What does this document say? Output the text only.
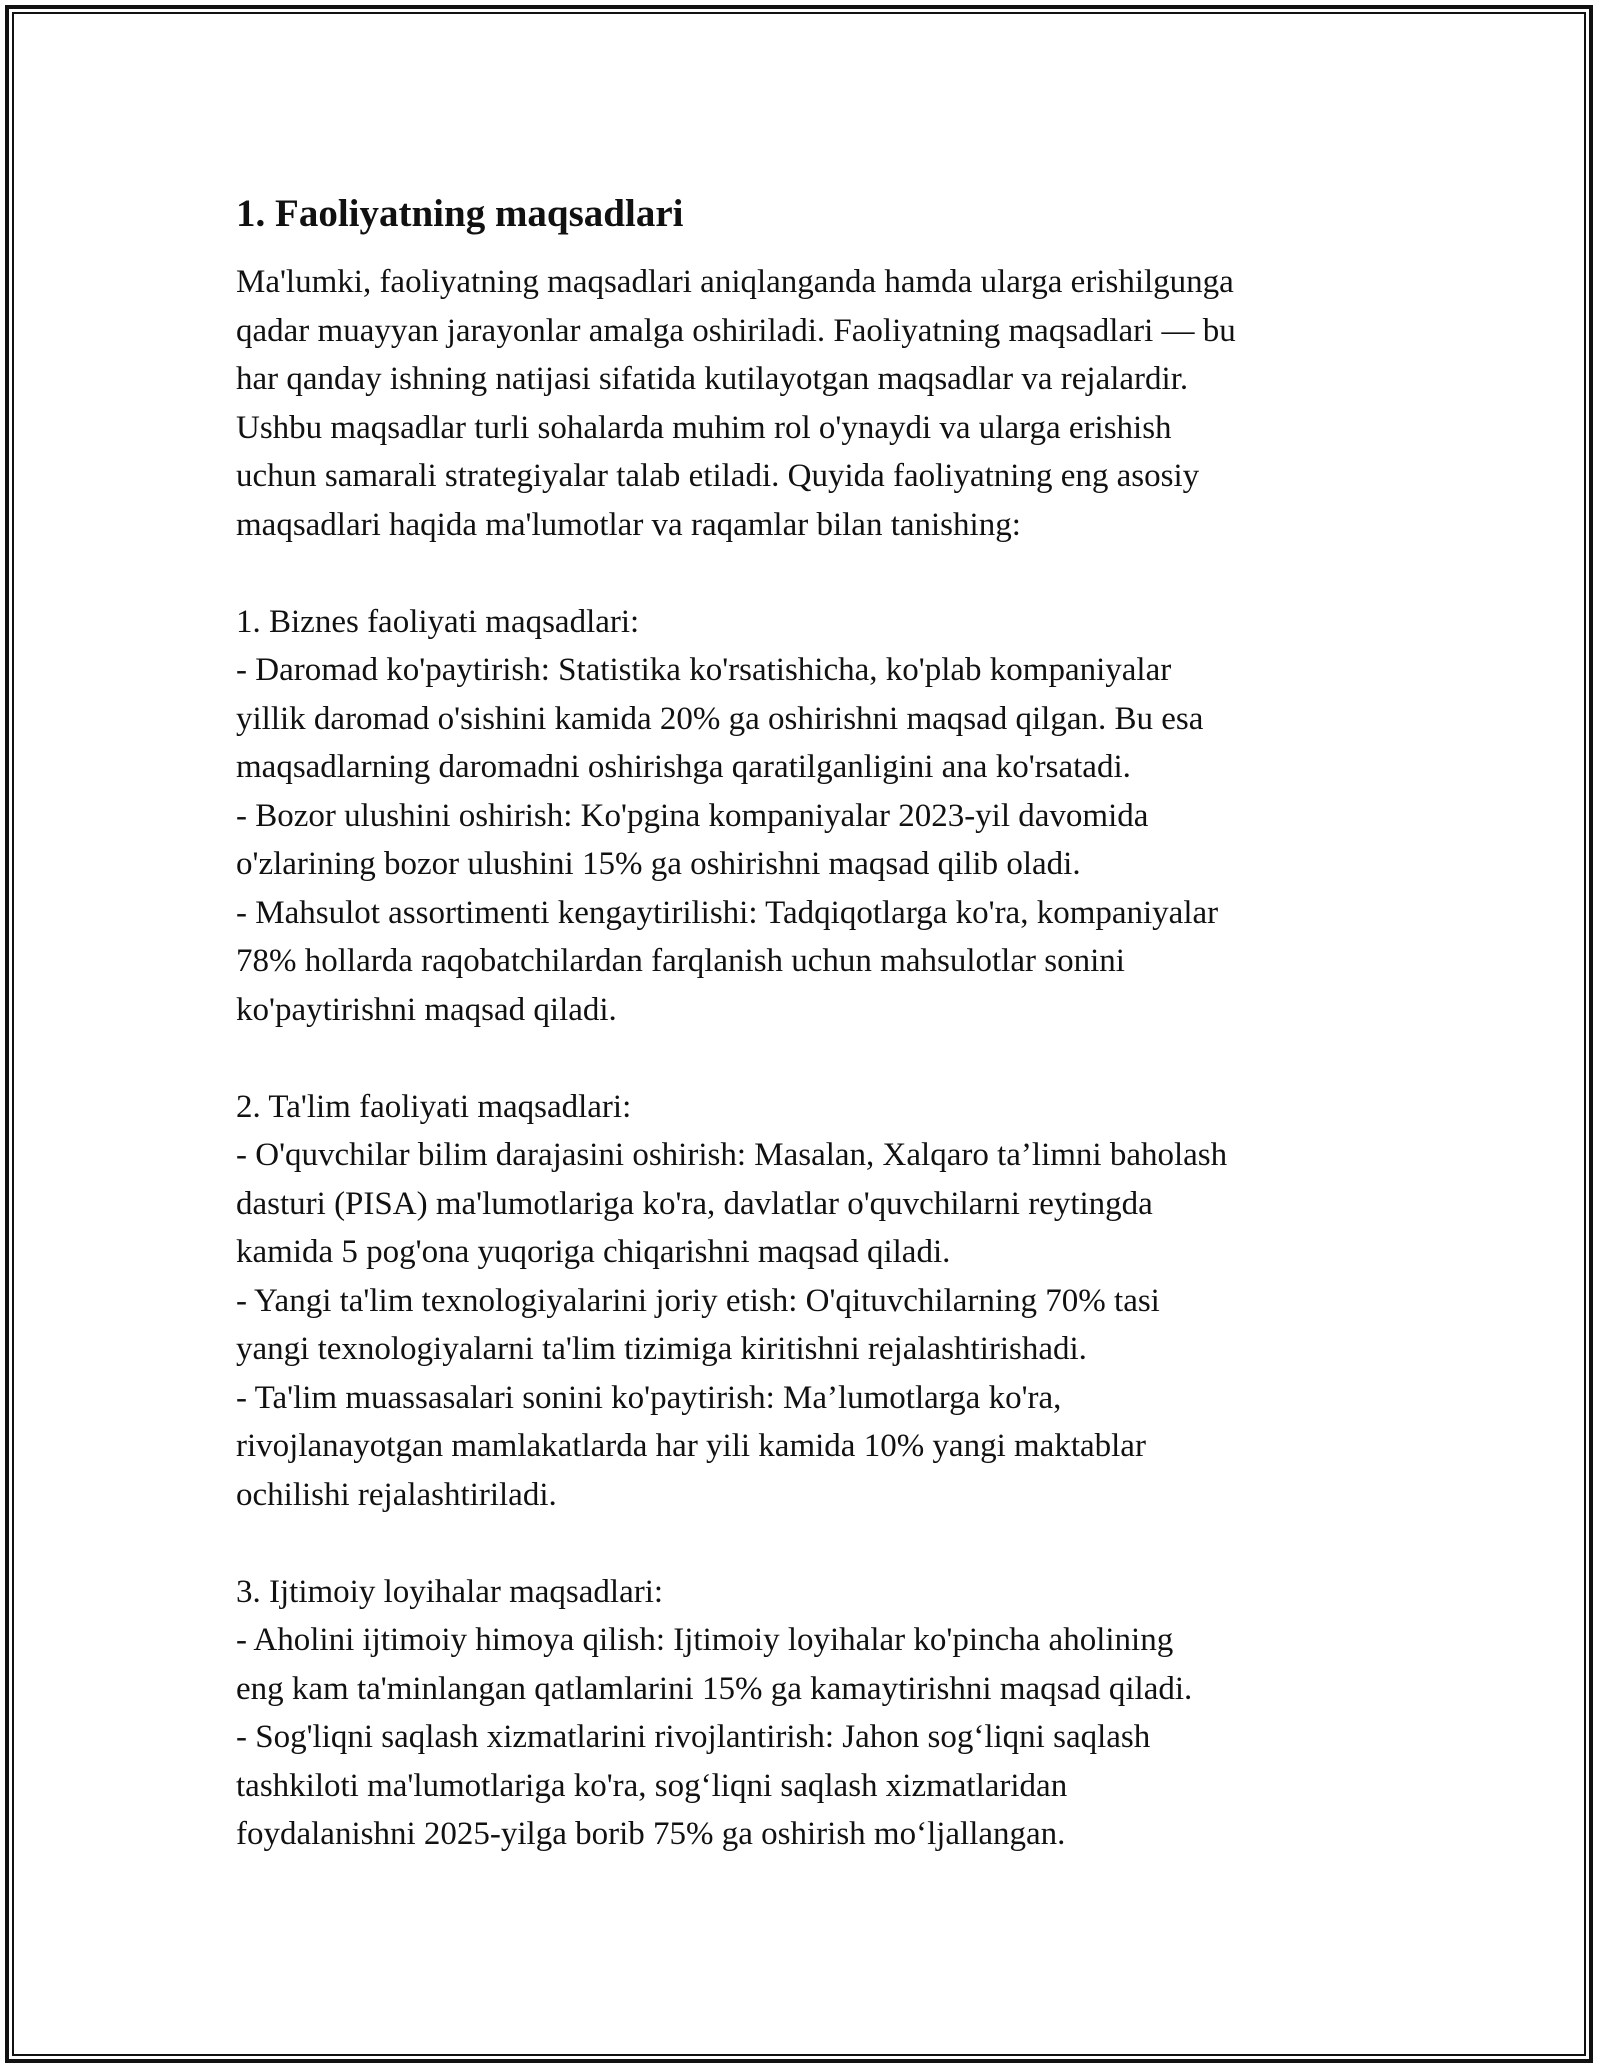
1. Faoliyatning maqsadlari

Ma'lumki, faoliyatning maqsadlari aniqlanganda hamda ularga erishilgunga
qadar muayyan jarayonlar amalga oshiriladi. Faoliyatning maqsadlari — bu
har qanday ishning natijasi sifatida kutilayotgan maqsadlar va rejalardir.
Ushbu maqsadlar turli sohalarda muhim rol o'ynaydi va ularga erishish
uchun samarali strategiyalar talab etiladi. Quyida faoliyatning eng asosiy
maqsadlari haqida ma'lumotlar va raqamlar bilan tanishing:

1. Biznes faoliyati maqsadlari:

- Daromad ko'paytirish: Statistika ko'rsatishicha, ko'plab kompaniyalar
yillik daromad o'sishini kamida 20% ga oshirishni maqsad qilgan. Bu esa
maqsadlarning daromadni oshirishga qaratilganligini ana ko'rsatadi.

- Bozor ulushini oshirish: Ko'pgina kompaniyalar 2023-yil davomida
o'zlarining bozor ulushini 15% ga oshirishni maqsad qilib oladi.

- Mahsulot assortimenti kengaytirilishi: Tadqiqotlarga ko'ra, kompaniyalar
78% hollarda raqobatchilardan farqlanish uchun mahsulotlar sonini
ko'paytirishni maqsad qiladi.

2. Ta'lim faoliyati maqsadlari:

- O'quvchilar bilim darajasini oshirish: Masalan, Xalqaro ta’limni baholash
dasturi (PISA) ma'lumotlariga ko'ra, davlatlar o'quvchilarni reytingda
kamida 5 pog'ona yuqoriga chiqarishni maqsad qiladi.

- Yangi ta'lim texnologiyalarini joriy etish: O'qituvchilarning 70% tasi
yangi texnologiyalarni ta'lim tizimiga kiritishni rejalashtirishadi.

- Ta'lim muassasalari sonini ko'paytirish: Ma’lumotlarga ko'ra,
rivojlanayotgan mamlakatlarda har yili kamida 10% yangi maktablar
ochilishi rejalashtiriladi.

3. Ijtimoiy loyihalar maqsadlari:

- Aholini ijtimoiy himoya qilish: Ijtimoiy loyihalar ko'pincha aholining
eng kam ta'minlangan qatlamlarini 15% ga kamaytirishni maqsad qiladi.

- Sog'liqni saqlash xizmatlarini rivojlantirish: Jahon sog‘liqni saqlash
tashkiloti ma'lumotlariga ko'ra, sog‘liqni saqlash xizmatlaridan
foydalanishni 2025-yilga borib 75% ga oshirish mo‘ljallangan.
